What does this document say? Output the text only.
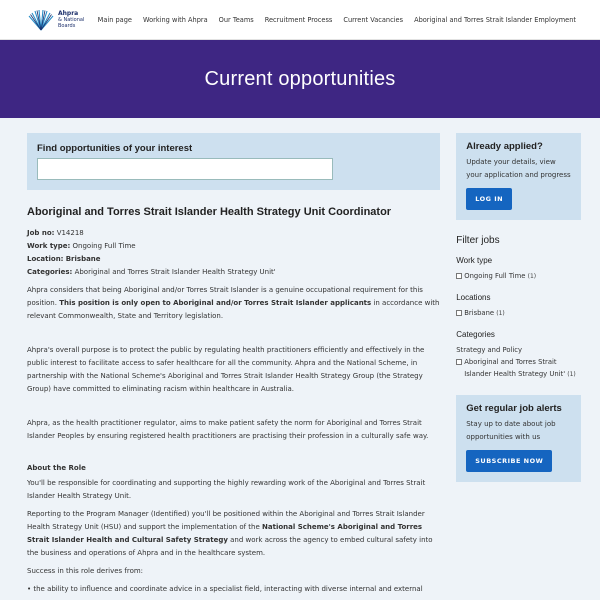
Ahpra
& National
Boards
Main page Working with Ahpra Our Teams Recruitment Process Current Vacancies Aboriginal and Torres Strait Islander Employment
Current opportunities
Find opportunities of your interest
Aboriginal and Torres Strait Islander Health Strategy Unit Coordinator
Job no: V14218
Work type: Ongoing Full Time
Location: Brisbane
Categories: Aboriginal and Torres Strait Islander Health Strategy Unit'

Ahpra considers that being Aboriginal and/or Torres Strait Islander is a genuine occupational requirement for this position. This position is only open to Aboriginal and/or Torres Strait Islander applicants in accordance with relevant Commonwealth, State and Territory legislation.

Ahpra's overall purpose is to protect the public by regulating health practitioners efficiently and effectively in the public interest to facilitate access to safer healthcare for all the community. Ahpra and the National Scheme, in partnership with the National Scheme's Aboriginal and Torres Strait Islander Health Strategy Group (the Strategy Group) have committed to eliminating racism within healthcare in Australia.

Ahpra, as the health practitioner regulator, aims to make patient safety the norm for Aboriginal and Torres Strait Islander Peoples by ensuring registered health practitioners are practising their profession in a culturally safe way.

About the Role

You'll be responsible for coordinating and supporting the highly rewarding work of the Aboriginal and Torres Strait Islander Health Strategy Unit.

Reporting to the Program Manager (Identified) you'll be positioned within the Aboriginal and Torres Strait Islander Health Strategy Unit (HSU) and support the implementation of the National Scheme's Aboriginal and Torres Strait Islander Health and Cultural Safety Strategy and work across the agency to embed cultural safety into the business and operations of Ahpra and in the healthcare system.

Success in this role derives from:

• the ability to influence and coordinate advice in a specialist field, interacting with diverse internal and external
Already applied?
Update your details, view your application and progress
LOG IN
Filter jobs
Work type
Ongoing Full Time (1)
Locations
Brisbane (1)
Categories
Strategy and Policy
Aboriginal and Torres Strait Islander Health Strategy Unit' (1)
Get regular job alerts
Stay up to date about job opportunities with us
SUBSCRIBE NOW
